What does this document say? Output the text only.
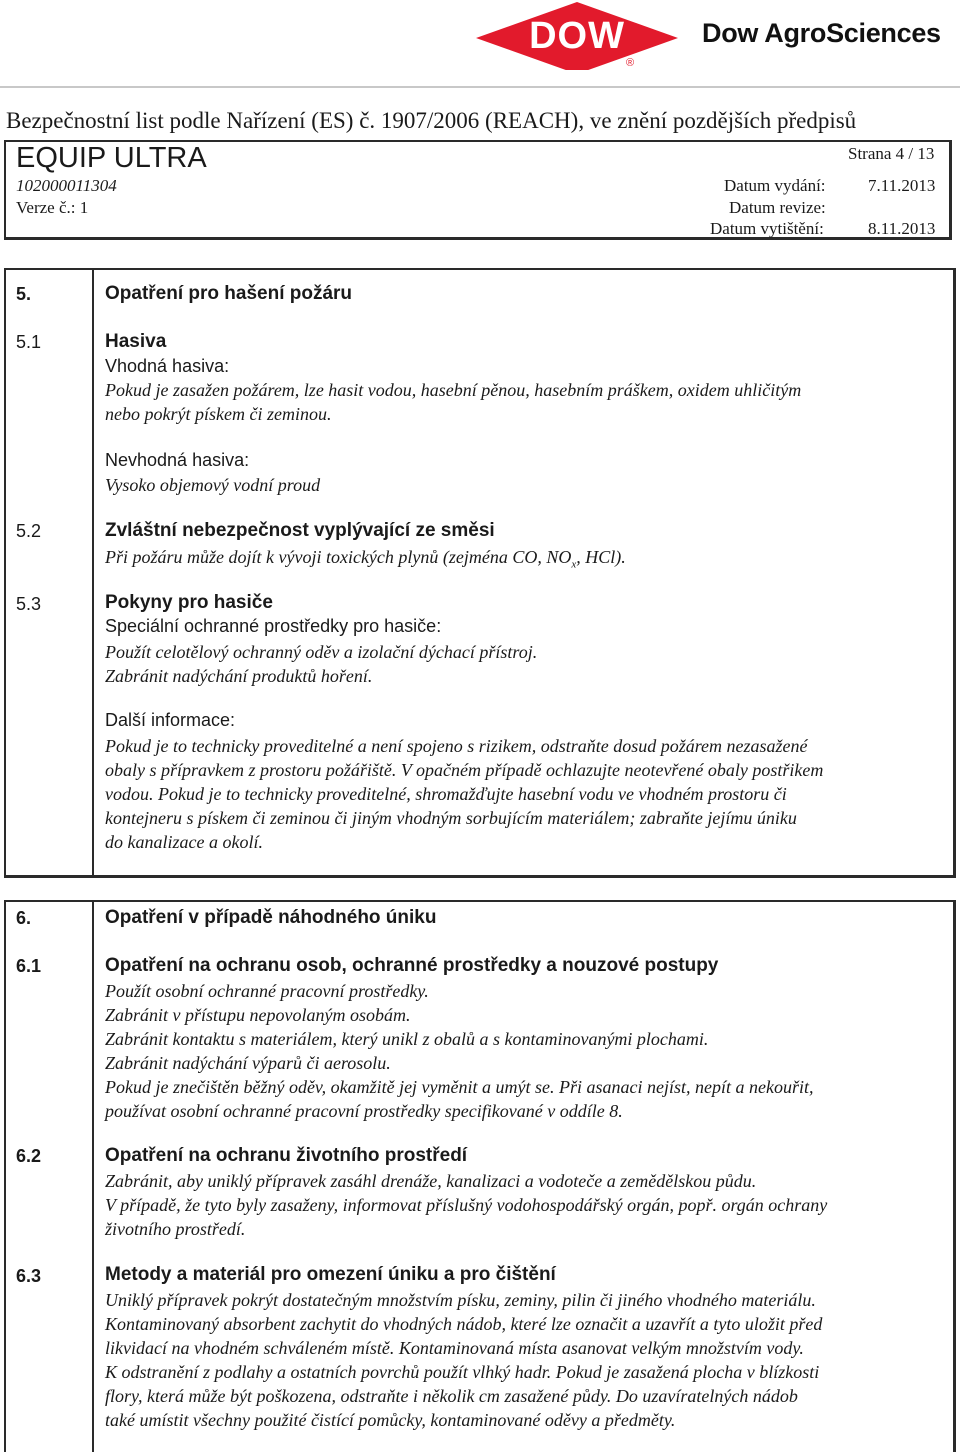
DOW
®
Dow AgroSciences
Bezpečnostní list podle Nařízení (ES) č. 1907/2006 (REACH), ve znění pozdějších předpisů
EQUIP ULTRA	Strana 4 / 13
102000011304
Verze č.: 1
Datum vydání: 7.11.2013
Datum revize:
Datum vytištění:	8.11.2013
5.	Opatření pro hašení požáru
5.1	Hasiva
Vhodná hasiva:
Pokud je zasažen požárem, lze hasit vodou, hasební pěnou, hasebním práškem, oxidem uhličitým
nebo pokrýt pískem či zeminou.
Nevhodná hasiva:
Vysoko objemový vodní proud
5.2	Zvláštní nebezpečnost vyplývající ze směsi
Při požáru může dojít k vývoji toxických plynů (zejména CO, $NO_x$, HCl).
5.3	Pokyny pro hasiče
Speciální ochranné prostředky pro hasiče:
Použít celotělový ochranný oděv a izolační dýchací přístroj.
Zabránit nadýchání produktů hoření.
Další informace:
Pokud je to technicky proveditelné a není spojeno s rizikem, odstraňte dosud požárem nezasažené
obaly s přípravkem z prostoru požářiště. V opačném případě ochlazujte neotevřené obaly postřikem
vodou. Pokud je to technicky proveditelné, shromažďujte hasební vodu ve vhodném prostoru či
kontejneru s pískem či zeminou či jiným vhodným sorbujícím materiálem; zabraňte jejímu úniku
do kanalizace a okolí.
6.	Opatření v případě náhodného úniku
6.1	Opatření na ochranu osob, ochranné prostředky a nouzové postupy
Použít osobní ochranné pracovní prostředky.
Zabránit v přístupu nepovolaným osobám.
Zabránit kontaktu s materiálem, který unikl z obalů a s kontaminovanými plochami.
Zabránit nadýchání výparů či aerosolu.
Pokud je znečištěn běžný oděv, okamžitě jej vyměnit a umýt se. Při asanaci nejíst, nepít a nekouřit,
používat osobní ochranné pracovní prostředky specifikované v oddíle 8.
6.2	Opatření na ochranu životního prostředí
Zabránit, aby uniklý přípravek zasáhl drenáže, kanalizaci a vodoteče a zemědělskou půdu.
V případě, že tyto byly zasaženy, informovat příslušný vodohospodářský orgán, popř. orgán ochrany
životního prostředí.
6.3	Metody a materiál pro omezení úniku a pro čištění
Uniklý přípravek pokrýt dostatečným množstvím písku, zeminy, pilin či jiného vhodného materiálu.
Kontaminovaný absorbent zachytit do vhodných nádob, které lze označit a uzavřít a tyto uložit před
likvidací na vhodném schváleném místě. Kontaminovaná místa asanovat velkým množstvím vody.
K odstranění z podlahy a ostatních povrchů použít vlhký hadr. Pokud je zasažená plocha v blízkosti
flory, která může být poškozena, odstraňte i několik cm zasažené půdy. Do uzavíratelných nádob
také umístit všechny použité čistící pomůcky, kontaminované oděvy a předměty.
